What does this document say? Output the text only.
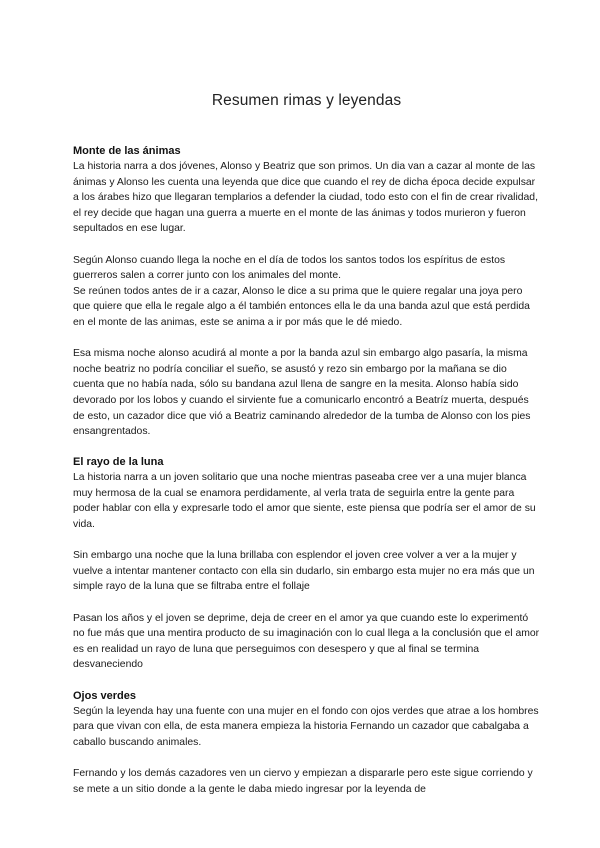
Resumen rimas y leyendas
Monte de las ánimas

La historia narra a dos jóvenes, Alonso y Beatriz que son primos. Un dia van a cazar al monte de las ánimas y Alonso les cuenta una leyenda que dice que cuando el rey de dicha época decide expulsar a los árabes hizo que llegaran templarios a defender la ciudad, todo esto con el fin de crear rivalidad, el rey decide que hagan una guerra a muerte en el monte de las ánimas y todos murieron y fueron sepultados en ese lugar.

Según Alonso cuando llega la noche en el día de todos los santos todos los espíritus de estos guerreros salen a correr junto con los animales del monte.

Se reúnen todos antes de ir a cazar, Alonso le dice a su prima que le quiere regalar una joya pero que quiere que ella le regale algo a él también entonces ella le da una banda azul que está perdida en el monte de las animas, este se anima a ir por más que le dé miedo.

Esa misma noche alonso acudirá al monte a por la banda azul sin embargo algo pasaría, la misma noche beatriz no podría conciliar el sueño, se asustó y rezo sin embargo por la mañana se dio cuenta que no había nada, sólo su bandana azul llena de sangre en la mesita. Alonso había sido devorado por los lobos y cuando el sirviente fue a comunicarlo encontró a Beatríz muerta, después de esto, un cazador dice que vió a Beatriz caminando alrededor de la tumba de Alonso con los pies ensangrentados.

El rayo de la luna

La historia narra a un joven solitario que una noche mientras paseaba cree ver a una mujer blanca muy hermosa de la cual se enamora perdidamente, al verla trata de seguirla entre la gente para poder hablar con ella y expresarle todo el amor que siente, este piensa que podría ser el amor de su vida.

Sin embargo una noche que la luna brillaba con esplendor el joven cree volver a ver a la mujer y vuelve a intentar mantener contacto con ella sin dudarlo, sin embargo esta mujer no era más que un simple rayo de la luna que se filtraba entre el follaje

Pasan los años y el joven se deprime, deja de creer en el amor ya que cuando este lo experimentó no fue más que una mentira producto de su imaginación con lo cual llega a la conclusión que el amor es en realidad un rayo de luna que perseguimos con desespero y que al final se termina desvaneciendo

Ojos verdes

Según la leyenda hay una fuente con una mujer en el fondo con ojos verdes que atrae a los hombres para que vivan con ella, de esta manera empieza la historia Fernando un cazador que cabalgaba a caballo buscando animales.

Fernando y los demás cazadores ven un ciervo y empiezan a dispararle pero este sigue corriendo y se mete a un sitio donde a la gente le daba miedo ingresar por la leyenda de
